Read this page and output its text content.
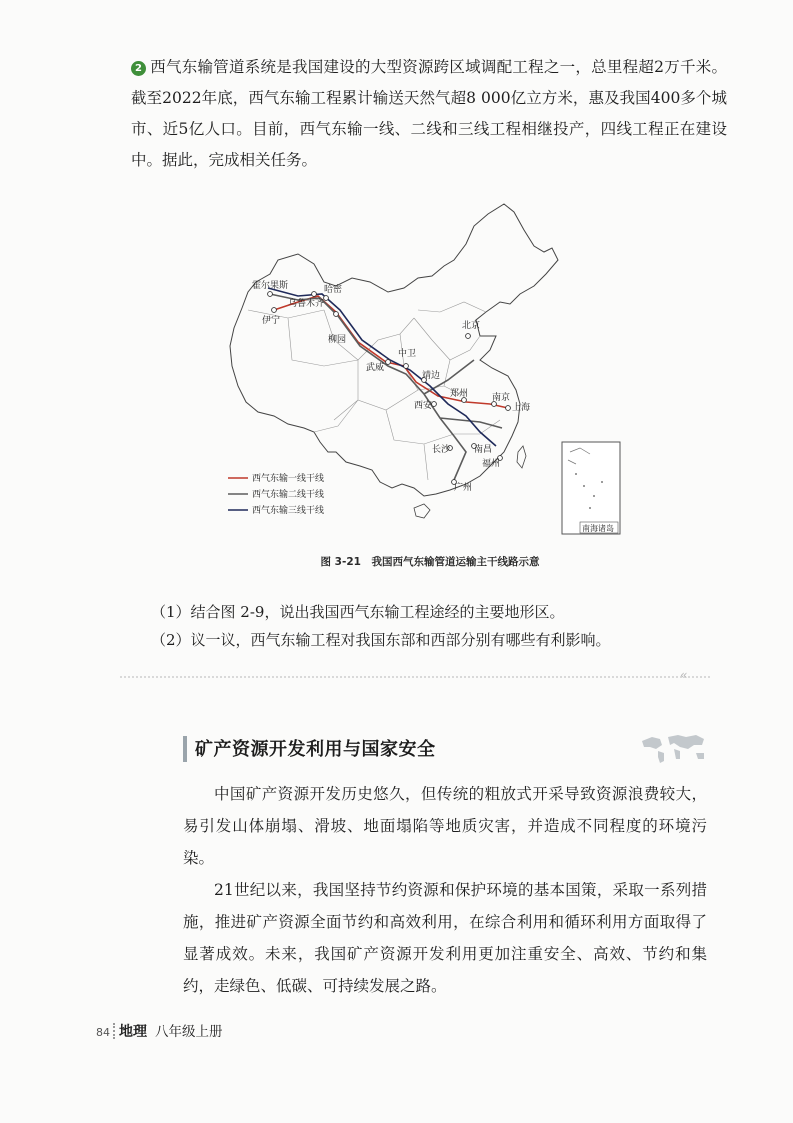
2 西气东输管道系统是我国建设的大型资源跨区域调配工程之一，总里程超2万千米。截至2022年底，西气东输工程累计输送天然气超8 000亿立方米，惠及我国400多个城市、近5亿人口。目前，西气东输一线、二线和三线工程相继投产，四线工程正在建设中。据此，完成相关任务。

霍尔果斯
乌鲁木齐
哈密
伊宁
柳园
武威
中卫
靖边
北京
郑州
西安
南京
上海
长沙	南昌
福州
广州
西气东输一线干线
西气东输二线干线
西气东输三线干线
南海诸岛

图 3-21　我国西气东输管道运输主干线路示意

（1）结合图 2-9，说出我国西气东输工程途经的主要地形区。
（2）议一议，西气东输工程对我国东部和西部分别有哪些有利影响。
‹‹
矿产资源开发利用与国家安全

中国矿产资源开发历史悠久，但传统的粗放式开采导致资源浪费较大，易引发山体崩塌、滑坡、地面塌陷等地质灾害，并造成不同程度的环境污染。

21世纪以来，我国坚持节约资源和保护环境的基本国策，采取一系列措施，推进矿产资源全面节约和高效利用，在综合利用和循环利用方面取得了显著成效。未来，我国矿产资源开发利用更加注重安全、高效、节约和集约，走绿色、低碳、可持续发展之路。

84 地理 八年级上册
